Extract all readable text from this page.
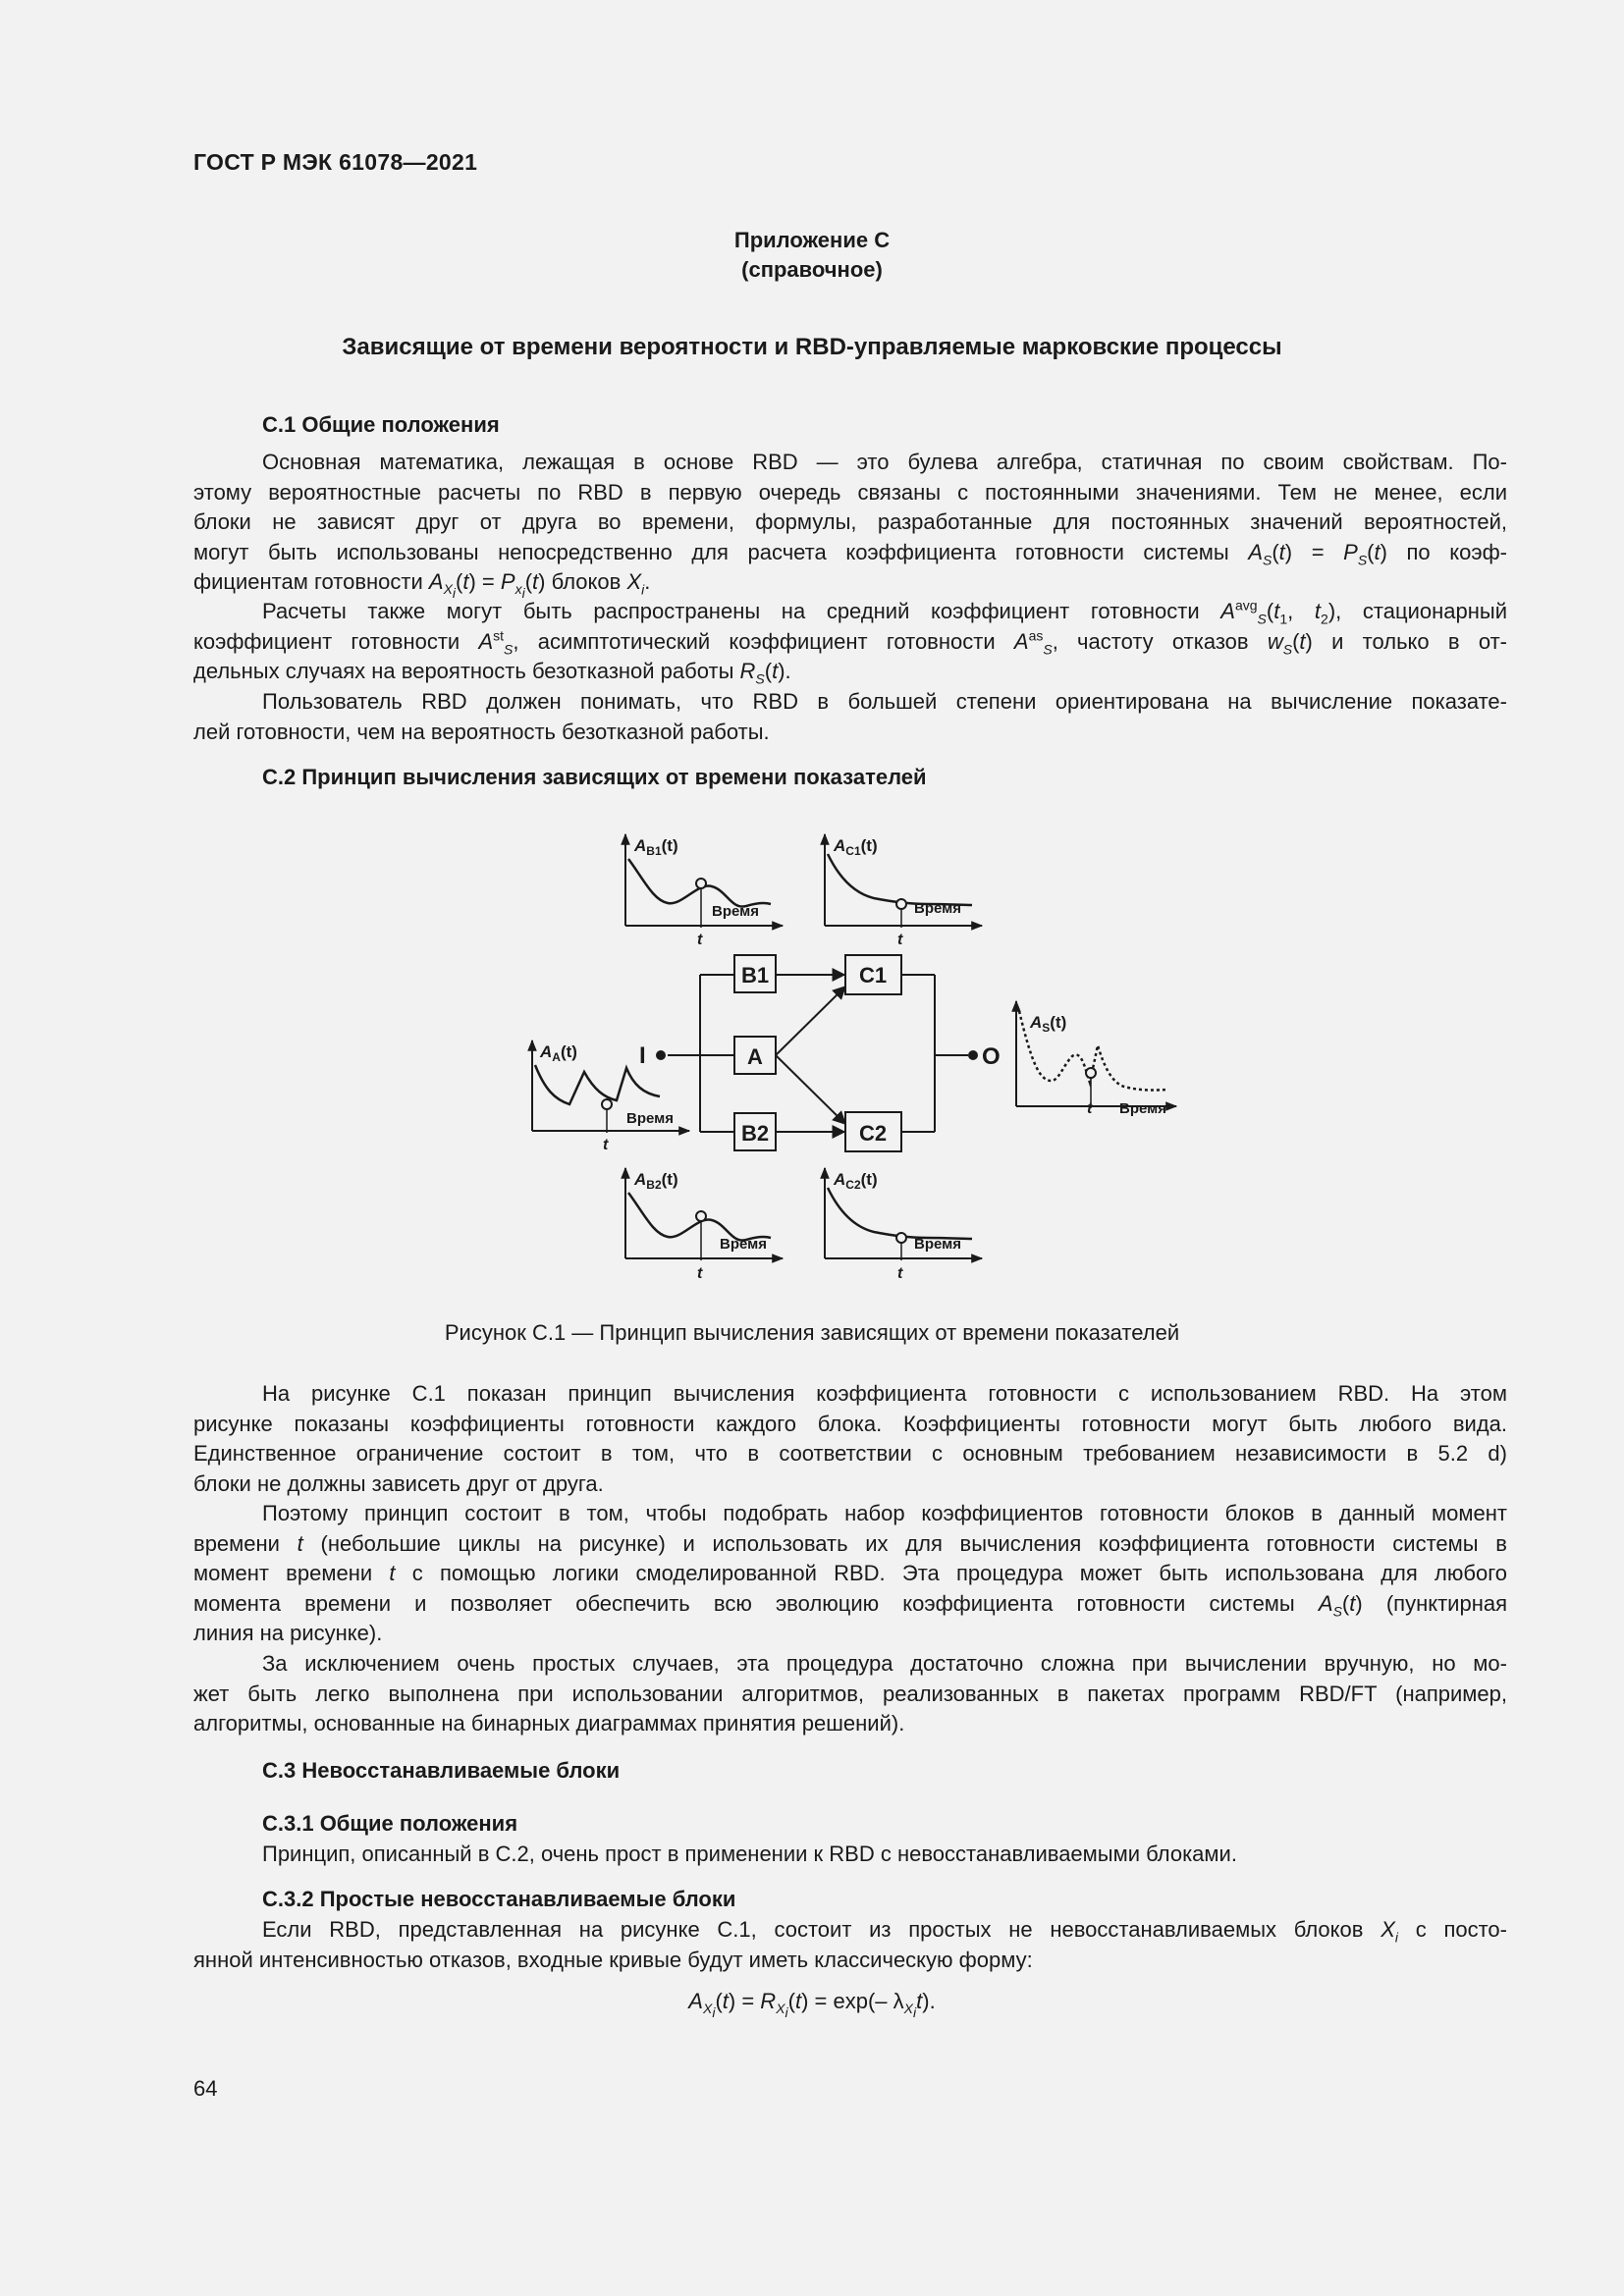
ГОСТ Р МЭК 61078—2021
Приложение С
(справочное)
Зависящие от времени вероятности и RBD-управляемые марковские процессы
С.1 Общие положения
Основная математика, лежащая в основе RBD — это булева алгебра, статичная по своим свойствам. По-
этому вероятностные расчеты по RBD в первую очередь связаны с постоянными значениями. Тем не менее, если
блоки не зависят друг от друга во времени, формулы, разработанные для постоянных значений вероятностей,
могут быть использованы непосредственно для расчета коэффициента готовности системы $A_S(t) = P_S(t)$ по коэф-
фициентам готовности $A_{X_i}(t) = P_{x_i}(t)$ блоков $X_i$.
Расчеты также могут быть распространены на средний коэффициент готовности $A^{avg}_S(t_1$, $t_2$), стационарный
коэффициент готовности $A^{st}_S$, асимптотический коэффициент готовности $A^{as}_S$, частоту отказов $w_S(t)$ и только в от-
дельных случаях на вероятность безотказной работы $R_S(t)$.
Пользователь RBD должен понимать, что RBD в большей степени ориентирована на вычисление показате-
лей готовности, чем на вероятность безотказной работы.
С.2 Принцип вычисления зависящих от времени показателей
I	O
B1	C1
A
B2	C2
$A_{B1}(t)$
Время
t
$A_{C1}(t)$
Время
t
$A_A(t)$
Время
t
$A_S(t)$
Время
t
$A_{B2}(t)$
Время
t
$A_{C2}(t)$
Время
t
Рисунок С.1 — Принцип вычисления зависящих от времени показателей
На рисунке С.1 показан принцип вычисления коэффициента готовности с использованием RBD. На этом
рисунке показаны коэффициенты готовности каждого блока. Коэффициенты готовности могут быть любого вида.
Единственное ограничение состоит в том, что в соответствии с основным требованием независимости в 5.2 d)
блоки не должны зависеть друг от друга.
Поэтому принцип состоит в том, чтобы подобрать набор коэффициентов готовности блоков в данный момент
времени t (небольшие циклы на рисунке) и использовать их для вычисления коэффициента готовности системы в
момент времени t с помощью логики смоделированной RBD. Эта процедура может быть использована для любого
момента времени и позволяет обеспечить всю эволюцию коэффициента готовности системы $A_S(t)$ (пунктирная
линия на рисунке).
За исключением очень простых случаев, эта процедура достаточно сложна при вычислении вручную, но мо-
жет быть легко выполнена при использовании алгоритмов, реализованных в пакетах программ RBD/FT (например,
алгоритмы, основанные на бинарных диаграммах принятия решений).
С.3 Невосстанавливаемые блоки
С.3.1 Общие положения
Принцип, описанный в С.2, очень прост в применении к RBD с невосстанавливаемыми блоками.
С.3.2 Простые невосстанавливаемые блоки
Если RBD, представленная на рисунке С.1, состоит из простых не невосстанавливаемых блоков $X_i$ с посто-
янной интенсивностью отказов, входные кривые будут иметь классическую форму:
$A_{X_i}(t) = R_{X_i}(t) = \exp(-$ $\lambda_{X_i}t$).
64
